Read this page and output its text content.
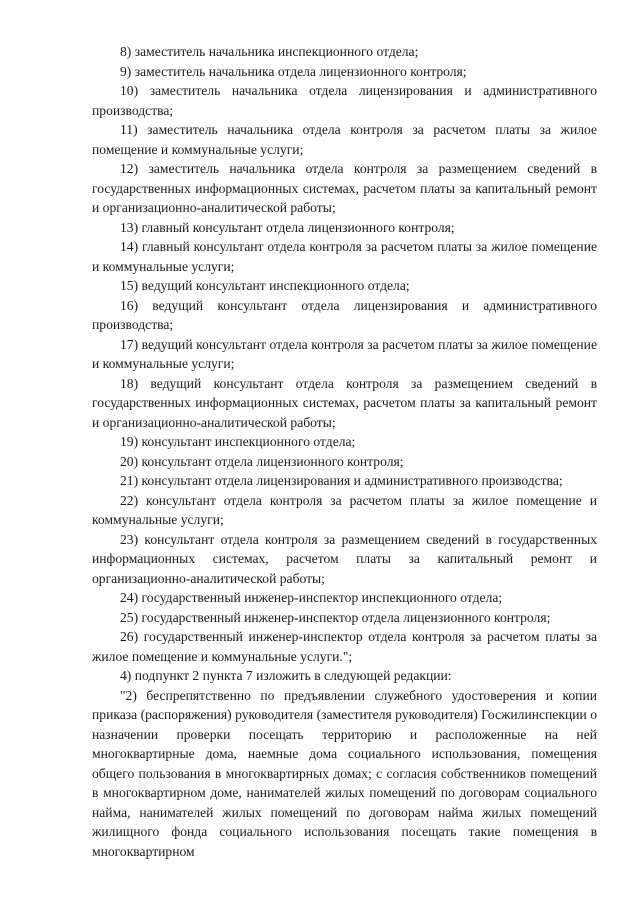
8) заместитель начальника инспекционного отдела;

9) заместитель начальника отдела лицензионного контроля;

10) заместитель начальника отдела лицензирования и административного производства;

11) заместитель начальника отдела контроля за расчетом платы за жилое помещение и коммунальные услуги;

12) заместитель начальника отдела контроля за размещением сведений в государственных информационных системах, расчетом платы за капитальный ремонт и организационно-аналитической работы;

13) главный консультант отдела лицензионного контроля;

14) главный консультант отдела контроля за расчетом платы за жилое помещение и коммунальные услуги;

15) ведущий консультант инспекционного отдела;

16) ведущий консультант отдела лицензирования и административного производства;

17) ведущий консультант отдела контроля за расчетом платы за жилое помещение и коммунальные услуги;

18) ведущий консультант отдела контроля за размещением сведений в государственных информационных системах, расчетом платы за капитальный ремонт и организационно-аналитической работы;

19) консультант инспекционного отдела;

20) консультант отдела лицензионного контроля;

21) консультант отдела лицензирования и административного производства;

22) консультант отдела контроля за расчетом платы за жилое помещение и коммунальные услуги;

23) консультант отдела контроля за размещением сведений в государственных информационных системах, расчетом платы за капитальный ремонт и организационно-аналитической работы;

24) государственный инженер-инспектор инспекционного отдела;

25) государственный инженер-инспектор отдела лицензионного контроля;

26) государственный инженер-инспектор отдела контроля за расчетом платы за жилое помещение и коммунальные услуги.";

4) подпункт 2 пункта 7 изложить в следующей редакции:

"2) беспрепятственно по предъявлении служебного удостоверения и копии приказа (распоряжения) руководителя (заместителя руководителя) Госжилинспекции о назначении проверки посещать территорию и расположенные на ней многоквартирные дома, наемные дома социального использования, помещения общего пользования в многоквартирных домах; с согласия собственников помещений в многоквартирном доме, нанимателей жилых помещений по договорам социального найма, нанимателей жилых помещений по договорам найма жилых помещений жилищного фонда социального использования посещать такие помещения в многоквартирном
